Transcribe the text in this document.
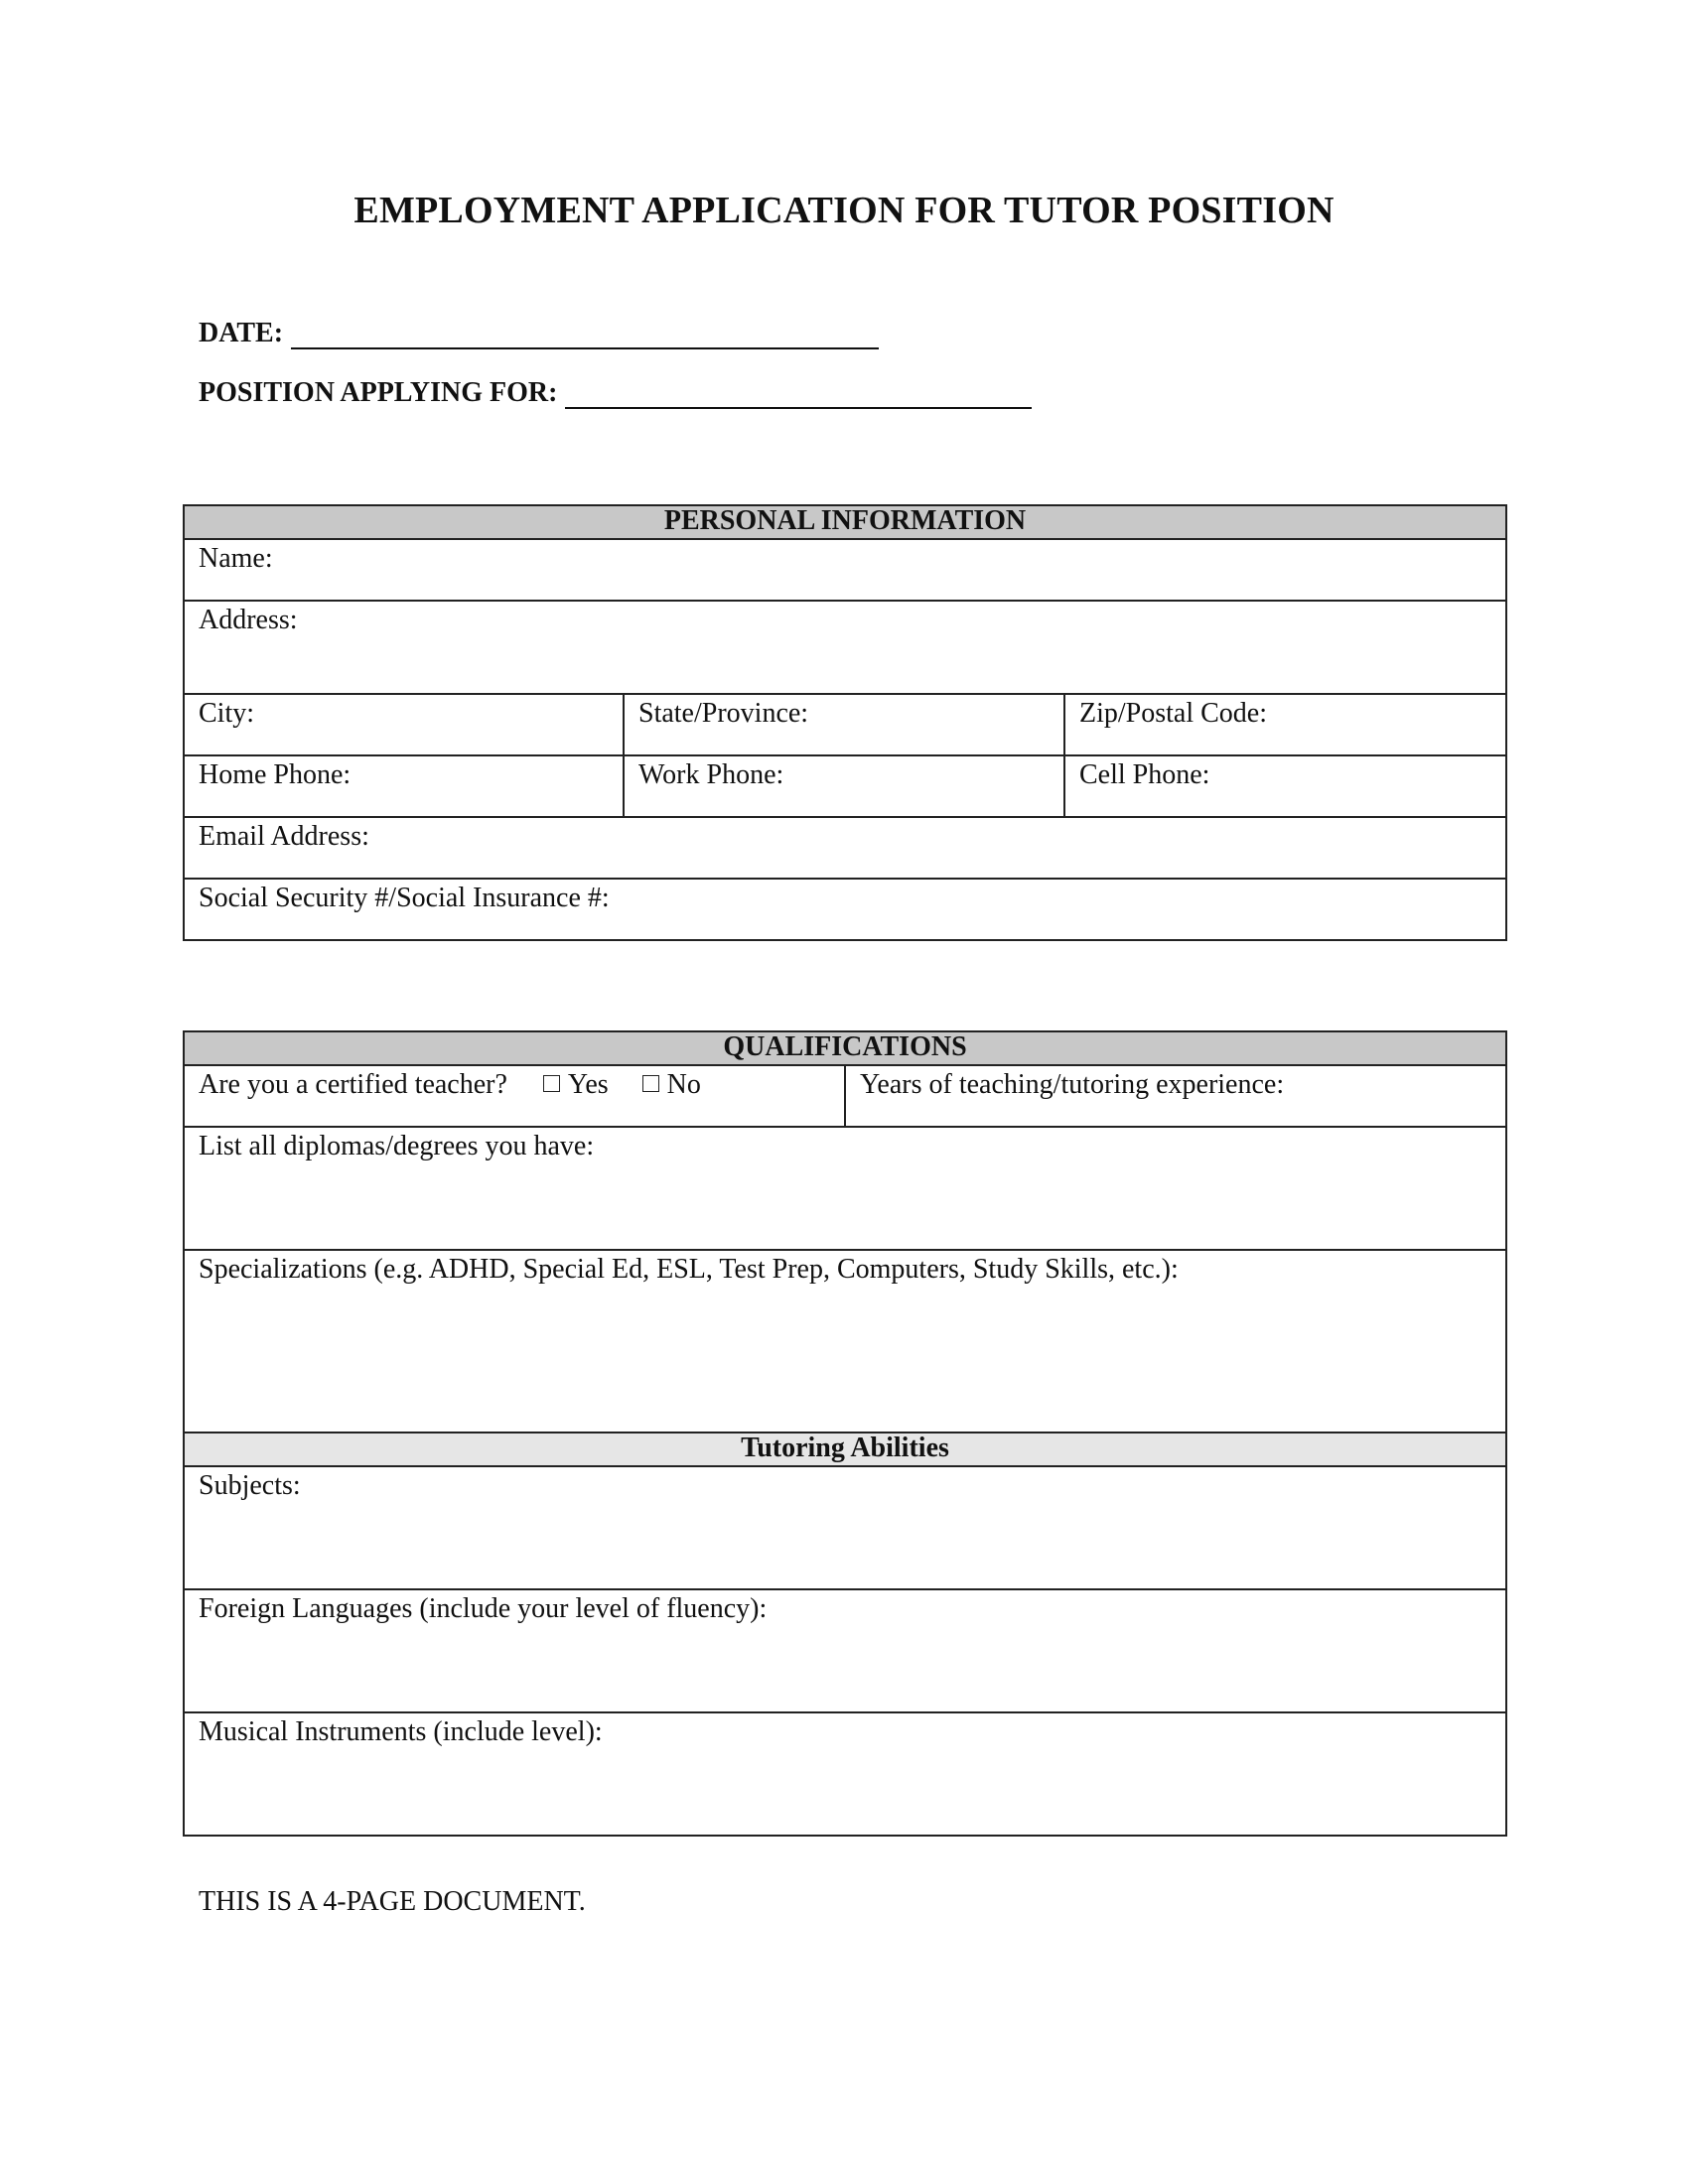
EMPLOYMENT APPLICATION FOR TUTOR POSITION
DATE:
POSITION APPLYING FOR:
PERSONAL INFORMATION		
Name:		
Address:		
City:	State/Province:	Zip/Postal Code:
Home Phone:	Work Phone:	Cell Phone:
Email Address:		
Social Security #/Social Insurance #:		
QUALIFICATIONS
Are you a certified teacher? Yes No	Years of teaching/tutoring experience:
List all diplomas/degrees you have:
Specializations (e.g. ADHD, Special Ed, ESL, Test Prep, Computers, Study Skills, etc.):
Tutoring Abilities
Subjects:
Foreign Languages (include your level of fluency):
Musical Instruments (include level):
THIS IS A 4-PAGE DOCUMENT.
